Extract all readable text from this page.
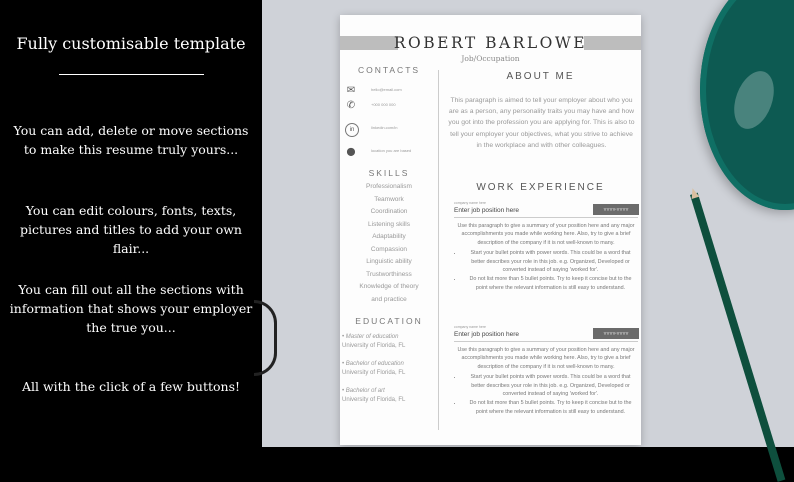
Fully customisable template
You can add, delete or move sections to make this resume truly yours...
You can edit colours, fonts, texts, pictures and titles to add your own flair...
You can fill out all the sections with information that shows your employer the true you...
All with the click of a few buttons!
ROBERT BARLOWE
Job/Occupation
CONTACTS
✉	hello@email.com
✆	+000 000 000
in	linkedin.com/in
⬤	location you are based
SKILLS
Professionalism
Teamwork
Coordination
Listening skills
Adaptability
Compassion
Linguistic ability
Trustworthiness
Knowledge of theory
and practice
EDUCATION
• Master of education
University of Florida, FL
• Bachelor of education
University of Florida, FL
• Bachelor of art
University of Florida, FL
ABOUT ME
This paragraph is aimed to tell your employer about who you are as a person, any personality traits you may have and how you got into the profession you are applying for. This is also to tell your employer your objectives, what you strive to achieve in the workplace and with other colleagues.
WORK EXPERIENCE
company name here
Enter job position here	YYYY-YYYY

Use this paragraph to give a summary of your position here and any major accomplishments you made while working here. Also, try to give a brief description of the company if it is not well-known to many.

• Start your bullet points with power words. This could be a word that better describes your role in this job. e.g. Organized, Developed or converted instead of saying 'worked for'.
• Do not list more than 5 bullet points. Try to keep it concise but to the point where the relevant information is still easy to understand.
company name here
Enter job position here	YYYY-YYYY

Use this paragraph to give a summary of your position here and any major accomplishments you made while working here. Also, try to give a brief description of the company if it is not well-known to many.

• Start your bullet points with power words. This could be a word that better describes your role in this job. e.g. Organized, Developed or converted instead of saying 'worked for'.
• Do not list more than 5 bullet points. Try to keep it concise but to the point where the relevant information is still easy to understand.
